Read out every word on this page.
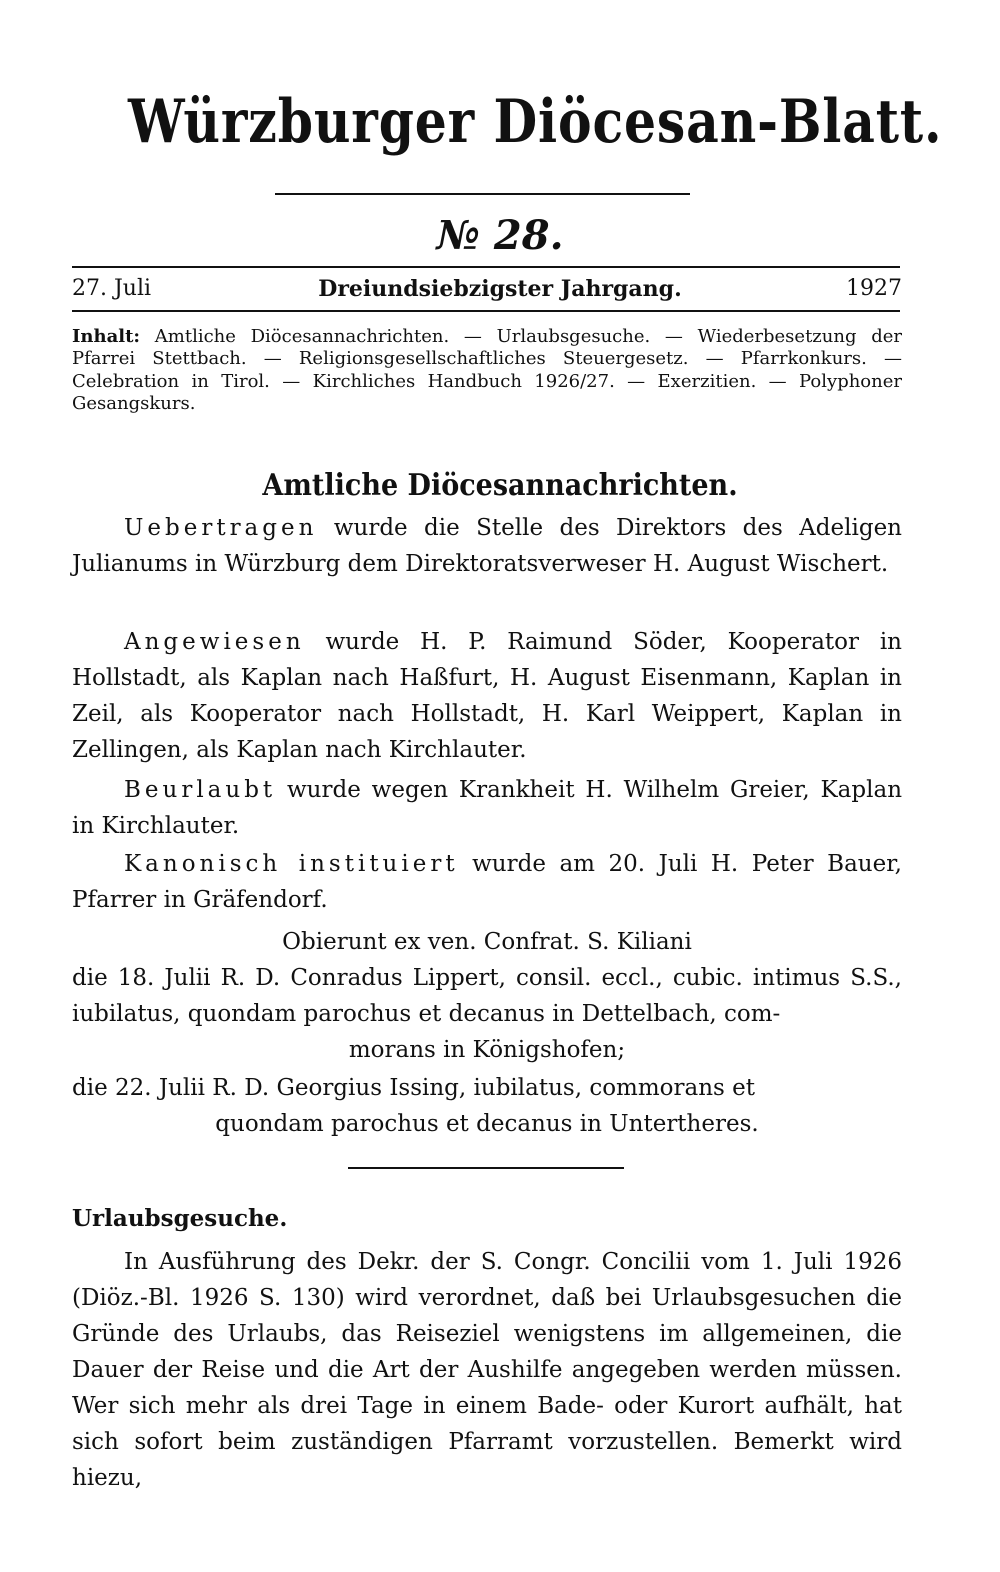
Würzburger Diöcesan-Blatt.
№ 28.
27. Juli	Dreiundsiebzigster Jahrgang.	1927
Inhalt: Amtliche Diöcesannachrichten. — Urlaubsgesuche. — Wiederbesetzung der Pfarrei Stettbach. — Religionsgesellschaftliches Steuergesetz. — Pfarrkonkurs. — Celebration in Tirol. — Kirchliches Handbuch 1926/27. — Exerzitien. — Polyphoner Gesangskurs.
Amtliche Diöcesannachrichten.
Uebertragen wurde die Stelle des Direktors des Adeligen Julianums in Würzburg dem Direktoratsverweser H. August Wischert.
Angewiesen wurde H. P. Raimund Söder, Kooperator in Hollstadt, als Kaplan nach Haßfurt, H. August Eisenmann, Kaplan in Zeil, als Kooperator nach Hollstadt, H. Karl Weippert, Kaplan in Zellingen, als Kaplan nach Kirchlauter.
Beurlaubt wurde wegen Krankheit H. Wilhelm Greier, Kaplan in Kirchlauter.
Kanonisch instituiert wurde am 20. Juli H. Peter Bauer, Pfarrer in Gräfendorf.
Obierunt ex ven. Confrat. S. Kiliani
die 18. Julii R. D. Conradus Lippert, consil. eccl., cubic. intimus S.S., iubilatus, quondam parochus et decanus in Dettelbach, com-
morans in Königshofen;
die 22. Julii R. D. Georgius Issing, iubilatus, commorans et
quondam parochus et decanus in Untertheres.
Urlaubsgesuche.
In Ausführung des Dekr. der S. Congr. Concilii vom 1. Juli 1926 (Diöz.-Bl. 1926 S. 130) wird verordnet, daß bei Urlaubsgesuchen die Gründe des Urlaubs, das Reiseziel wenigstens im allgemeinen, die Dauer der Reise und die Art der Aushilfe angegeben werden müssen. Wer sich mehr als drei Tage in einem Bade- oder Kurort aufhält, hat sich sofort beim zuständigen Pfarramt vorzustellen. Bemerkt wird hiezu,
